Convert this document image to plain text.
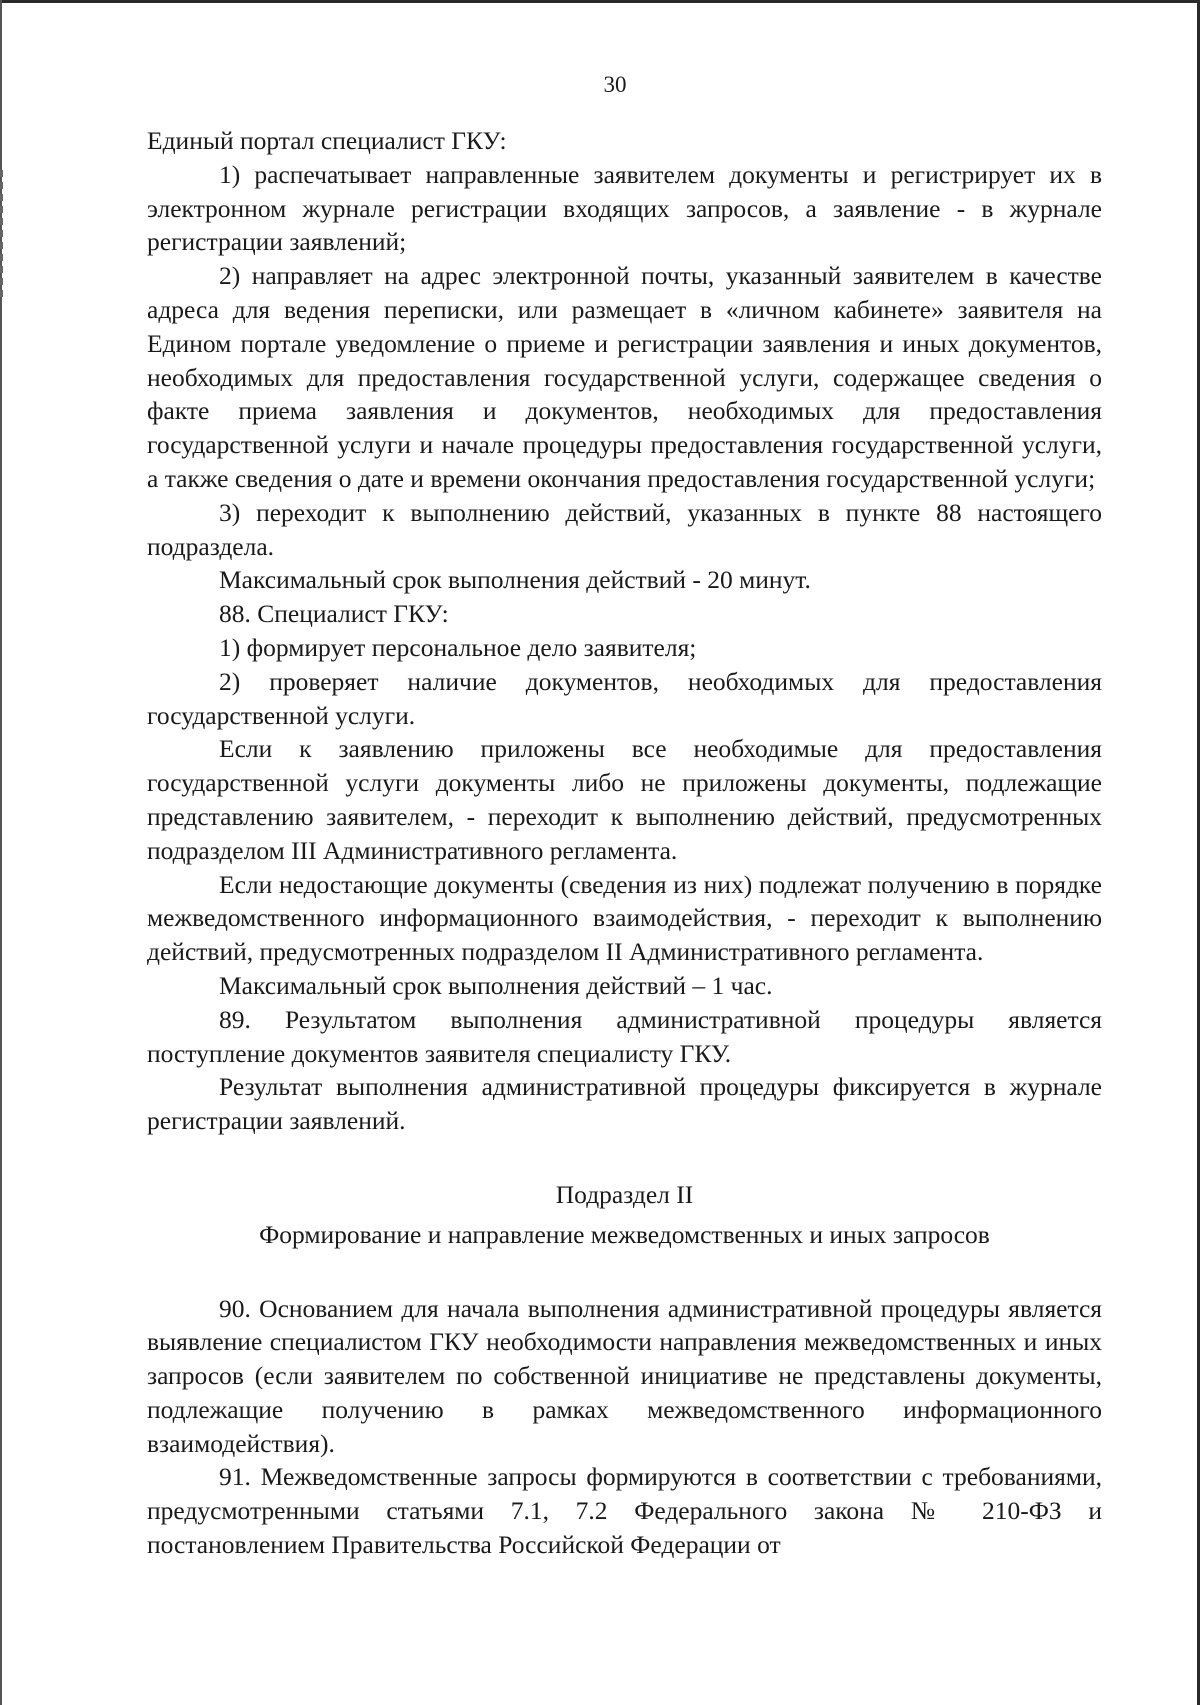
30

Единый портал специалист ГКУ:

1) распечатывает направленные заявителем документы и регистрирует их в электронном журнале регистрации входящих запросов, а заявление - в журнале регистрации заявлений;

2) направляет на адрес электронной почты, указанный заявителем в качестве адреса для ведения переписки, или размещает в «личном кабинете» заявителя на Едином портале уведомление о приеме и регистрации заявления и иных документов, необходимых для предоставления государственной услуги, содержащее сведения о факте приема заявления и документов, необходимых для предоставления государственной услуги и начале процедуры предоставления государственной услуги, а также сведения о дате и времени окончания предоставления государственной услуги;

3) переходит к выполнению действий, указанных в пункте 88 настоящего подраздела.

Максимальный срок выполнения действий - 20 минут.

88. Специалист ГКУ:

1) формирует персональное дело заявителя;

2) проверяет наличие документов, необходимых для предоставления государственной услуги.

Если к заявлению приложены все необходимые для предоставления государственной услуги документы либо не приложены документы, подлежащие представлению заявителем, - переходит к выполнению действий, предусмотренных подразделом III Административного регламента.

Если недостающие документы (сведения из них) подлежат получению в порядке межведомственного информационного взаимодействия, - переходит к выполнению действий, предусмотренных подразделом II Административного регламента.

Максимальный срок выполнения действий – 1 час.

89. Результатом выполнения административной процедуры является поступление документов заявителя специалисту ГКУ.

Результат выполнения административной процедуры фиксируется в журнале регистрации заявлений.

Подраздел II

Формирование и направление межведомственных и иных запросов

90. Основанием для начала выполнения административной процедуры является выявление специалистом ГКУ необходимости направления межведомственных и иных запросов (если заявителем по собственной инициативе не представлены документы, подлежащие получению в рамках межведомственного информационного взаимодействия).

91. Межведомственные запросы формируются в соответствии с требованиями, предусмотренными статьями 7.1, 7.2 Федерального закона № 210-ФЗ и постановлением Правительства Российской Федерации от
